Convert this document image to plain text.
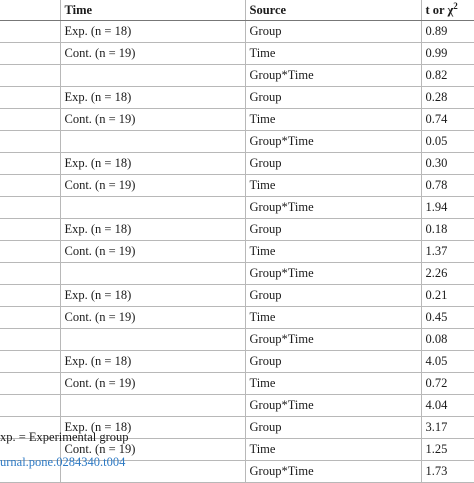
	Time	Source	t or $\chi^2$
	Exp. (n = 18)	Group	0.89
	Cont. (n = 19)	Time	0.99
		Group*Time	0.82
	Exp. (n = 18)	Group	0.28
	Cont. (n = 19)	Time	0.74
		Group*Time	0.05
	Exp. (n = 18)	Group	0.30
	Cont. (n = 19)	Time	0.78
		Group*Time	1.94
	Exp. (n = 18)	Group	0.18
	Cont. (n = 19)	Time	1.37
		Group*Time	2.26
	Exp. (n = 18)	Group	0.21
	Cont. (n = 19)	Time	0.45
		Group*Time	0.08
	Exp. (n = 18)	Group	4.05
	Cont. (n = 19)	Time	0.72
		Group*Time	4.04
	Exp. (n = 18)	Group	3.17
	Cont. (n = 19)	Time	1.25
		Group*Time	1.73
xp. = Experimental group
urnal.pone.0284340.t004
